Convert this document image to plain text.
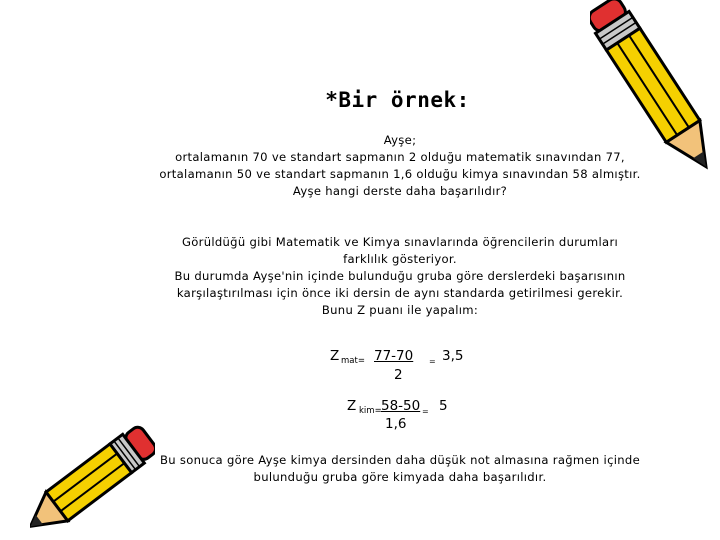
*Bir örnek:
Ayşe;
ortalamanın 70 ve standart sapmanın 2 olduğu matematik sınavından 77,
ortalamanın 50 ve standart sapmanın 1,6 olduğu kimya sınavından 58 almıştır.
Ayşe hangi derste daha başarılıdır?
Görüldüğü gibi Matematik ve Kimya sınavlarında öğrencilerin durumları
farklılık gösteriyor.
Bu durumda Ayşe'nin içinde bulunduğu gruba göre derslerdeki başarısının
karşılaştırılması için önce iki dersin de aynı standarda getirilmesi gerekir.
Bunu Z puanı ile yapalım:
Z mat= 77-70 = 3,5
2
Z kim= 58-50 = 5
1,6
Bu sonuca göre Ayşe kimya dersinden daha düşük not almasına rağmen içinde
bulunduğu gruba göre kimyada daha başarılıdır.
